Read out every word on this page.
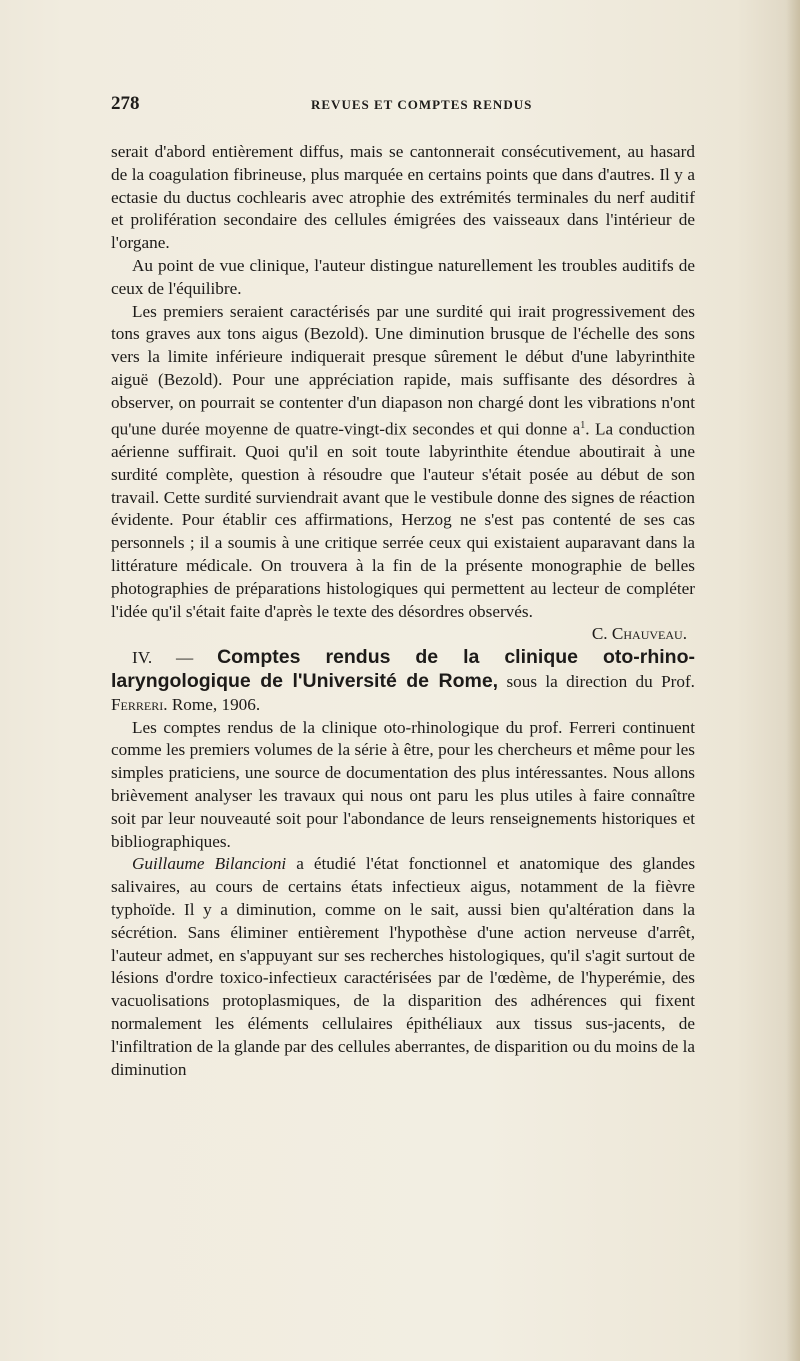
278	REVUES ET COMPTES RENDUS

serait d'abord entièrement diffus, mais se cantonnerait consécutivement, au hasard de la coagulation fibrineuse, plus marquée en certains points que dans d'autres. Il y a ectasie du ductus cochlearis avec atrophie des extrémités terminales du nerf auditif et prolifération secondaire des cellules émigrées des vaisseaux dans l'intérieur de l'organe.

Au point de vue clinique, l'auteur distingue naturellement les troubles auditifs de ceux de l'équilibre.

Les premiers seraient caractérisés par une surdité qui irait progressivement des tons graves aux tons aigus (Bezold). Une diminution brusque de l'échelle des sons vers la limite inférieure indiquerait presque sûrement le début d'une labyrinthite aiguë (Bezold). Pour une appréciation rapide, mais suffisante des désordres à observer, on pourrait se contenter d'un diapason non chargé dont les vibrations n'ont qu'une durée moyenne de quatre-vingt-dix secondes et qui donne $a^1$. La conduction aérienne suffirait. Quoi qu'il en soit toute labyrinthite étendue aboutirait à une surdité complète, question à résoudre que l'auteur s'était posée au début de son travail. Cette surdité surviendrait avant que le vestibule donne des signes de réaction évidente. Pour établir ces affirmations, Herzog ne s'est pas contenté de ses cas personnels ; il a soumis à une critique serrée ceux qui existaient auparavant dans la littérature médicale. On trouvera à la fin de la présente monographie de belles photographies de préparations histologiques qui permettent au lecteur de compléter l'idée qu'il s'était faite d'après le texte des désordres observés.

C. Chauveau.

IV. — Comptes rendus de la clinique oto-rhino-laryngologique de l'Université de Rome, sous la direction du Prof. Ferreri. Rome, 1906.

Les comptes rendus de la clinique oto-rhinologique du prof. Ferreri continuent comme les premiers volumes de la série à être, pour les chercheurs et même pour les simples praticiens, une source de documentation des plus intéressantes. Nous allons brièvement analyser les travaux qui nous ont paru les plus utiles à faire connaître soit par leur nouveauté soit pour l'abondance de leurs renseignements historiques et bibliographiques.

Guillaume Bilancioni a étudié l'état fonctionnel et anatomique des glandes salivaires, au cours de certains états infectieux aigus, notamment de la fièvre typhoïde. Il y a diminution, comme on le sait, aussi bien qu'altération dans la sécrétion. Sans éliminer entièrement l'hypothèse d'une action nerveuse d'arrêt, l'auteur admet, en s'appuyant sur ses recherches histologiques, qu'il s'agit surtout de lésions d'ordre toxico-infectieux caractérisées par de l'œdème, de l'hyperémie, des vacuolisations protoplasmiques, de la disparition des adhérences qui fixent normalement les éléments cellulaires épithéliaux aux tissus sus-jacents, de l'infiltration de la glande par des cellules aberrantes, de disparition ou du moins de la diminution
